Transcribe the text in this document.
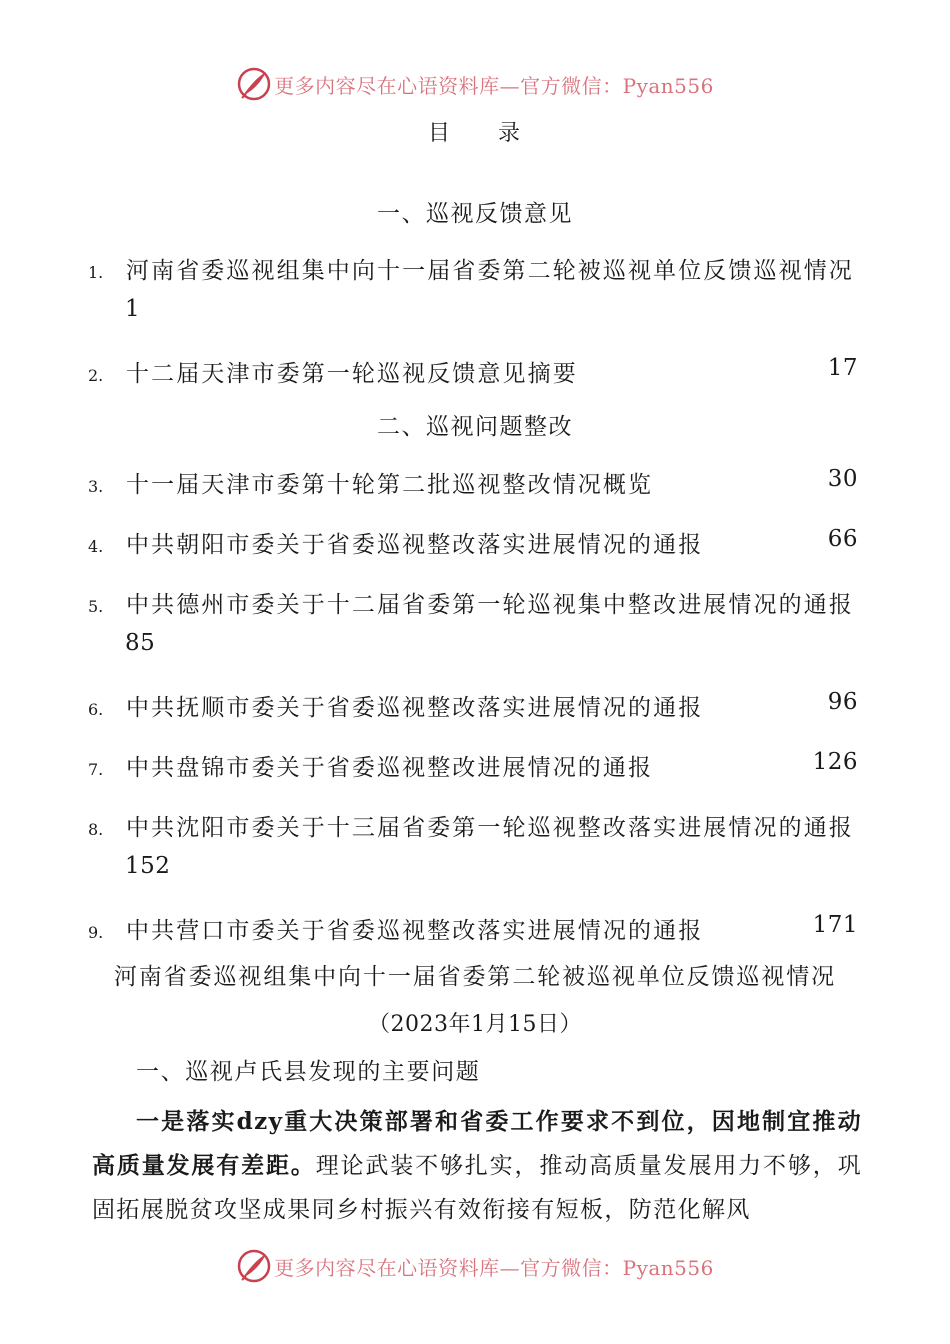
更多内容尽在心语资料库—官方微信：Pyan556
目 录
一、巡视反馈意见
1. 河南省委巡视组集中向十一届省委第二轮被巡视单位反馈巡视情况
1
2. 十二届天津市委第一轮巡视反馈意见摘要	17
二、巡视问题整改
3. 十一届天津市委第十轮第二批巡视整改情况概览	30
4. 中共朝阳市委关于省委巡视整改落实进展情况的通报	66
5. 中共德州市委关于十二届省委第一轮巡视集中整改进展情况的通报
85
6. 中共抚顺市委关于省委巡视整改落实进展情况的通报	96
7. 中共盘锦市委关于省委巡视整改进展情况的通报	126
8. 中共沈阳市委关于十三届省委第一轮巡视整改落实进展情况的通报
152
9. 中共营口市委关于省委巡视整改落实进展情况的通报	171
河南省委巡视组集中向十一届省委第二轮被巡视单位反馈巡视情况
（2023年1月15日）
一、巡视卢氏县发现的主要问题
一是落实dzy重大决策部署和省委工作要求不到位，因地制宜推动高质量发展有差距。理论武装不够扎实，推动高质量发展用力不够，巩固拓展脱贫攻坚成果同乡村振兴有效衔接有短板，防范化解风
更多内容尽在心语资料库—官方微信：Pyan556
